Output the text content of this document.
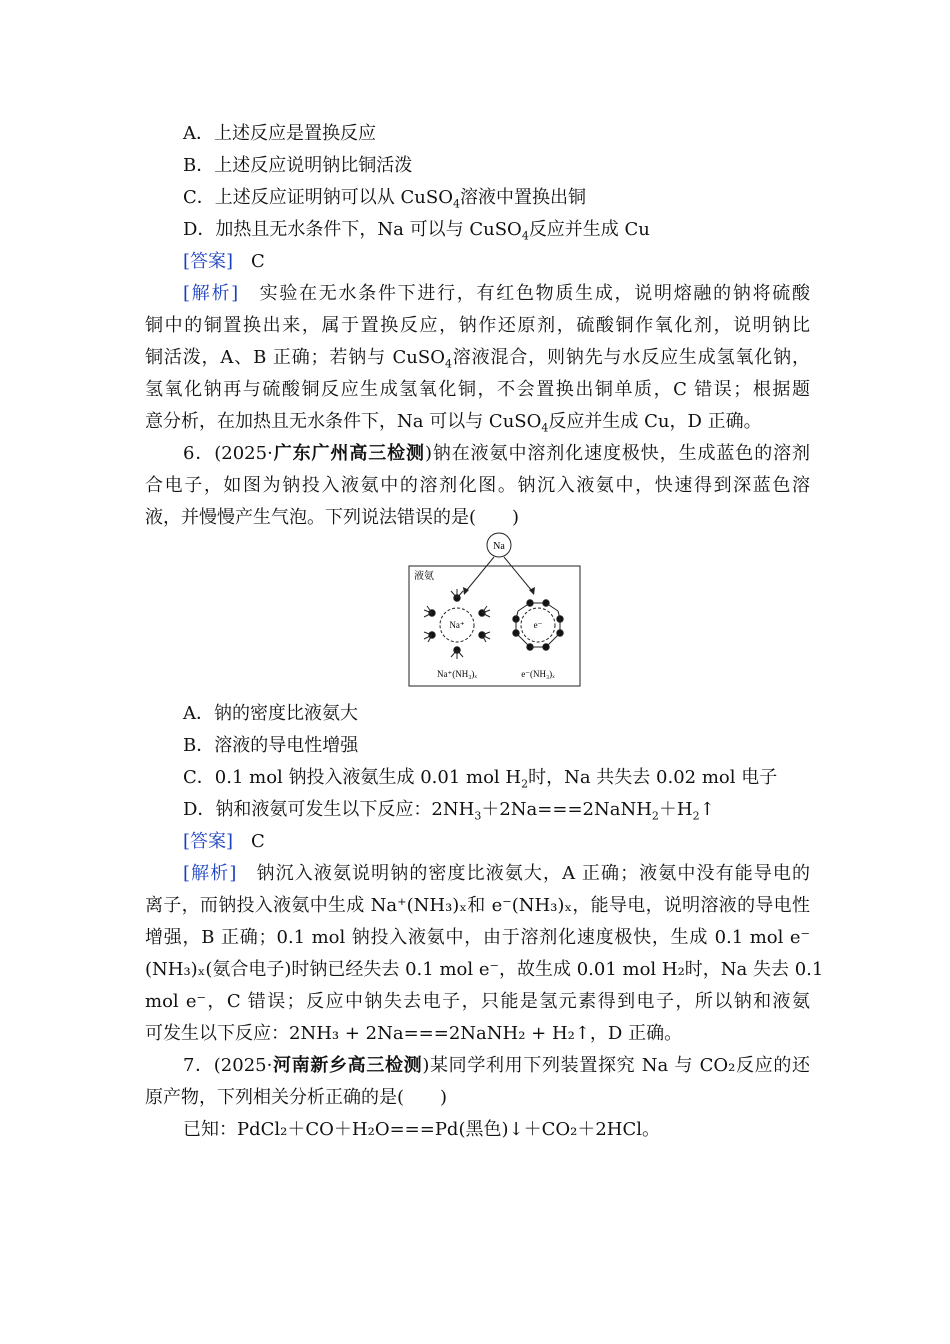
A．上述反应是置换反应
B．上述反应说明钠比铜活泼
C．上述反应证明钠可以从 CuSO$_4$溶液中置换出铜
D．加热且无水条件下，Na 可以与 CuSO$_4$反应并生成 Cu
[答案]　 C
[解析]　 实验在无水条件下进行，有红色物质生成，说明熔融的钠将硫酸
铜中的铜置换出来，属于置换反应，钠作还原剂，硫酸铜作氧化剂，说明钠比
铜活泼，A、B 正确；若钠与 CuSO$_4$溶液混合，则钠先与水反应生成氢氧化钠，
氢氧化钠再与硫酸铜反应生成氢氧化铜，不会置换出铜单质，C 错误；根据题
意分析，在加热且无水条件下，Na 可以与 CuSO$_4$反应并生成 Cu，D 正确。
6．(2025·广东广州高三检测)钠在液氨中溶剂化速度极快，生成蓝色的溶剂
合电子，如图为钠投入液氨中的溶剂化图。钠沉入液氨中，快速得到深蓝色溶
液，并慢慢产生气泡。下列说法错误的是(　　)
Na
液氨
Na⁺
Na⁺(NH₃)ₓ
e⁻
e⁻(NH₃)ₓ
A．钠的密度比液氨大
B．溶液的导电性增强
C．0.1 mol 钠投入液氨生成 0.01 mol $H_2$时，Na 共失去 0.02 mol 电子
D．钠和液氨可发生以下反应：$2NH_3+2Na===2NaNH_2+H_2↑$
[答案]　 C
[解析]　 钠沉入液氨说明钠的密度比液氨大，A 正确；液氨中没有能导电的
离子，而钠投入液氨中生成 Na⁺(NH₃)ₓ和 e⁻(NH₃)ₓ，能导电，说明溶液的导电性
增强，B 正确；0.1 mol 钠投入液氨中，由于溶剂化速度极快，生成 0.1 mol e⁻
(NH₃)ₓ(氨合电子)时钠已经失去 0.1 mol e⁻，故生成 0.01 mol H₂时，Na 失去 0.1
mol e⁻，C 错误；反应中钠失去电子，只能是氢元素得到电子，所以钠和液氨
可发生以下反应：2NH₃ + 2Na===2NaNH₂ + H₂↑，D 正确。
7．(2025·河南新乡高三检测)某同学利用下列装置探究 Na 与 CO₂反应的还
原产物，下列相关分析正确的是(　　)
已知：PdCl₂＋CO＋H₂O===Pd(黑色)↓＋CO₂＋2HCl。
